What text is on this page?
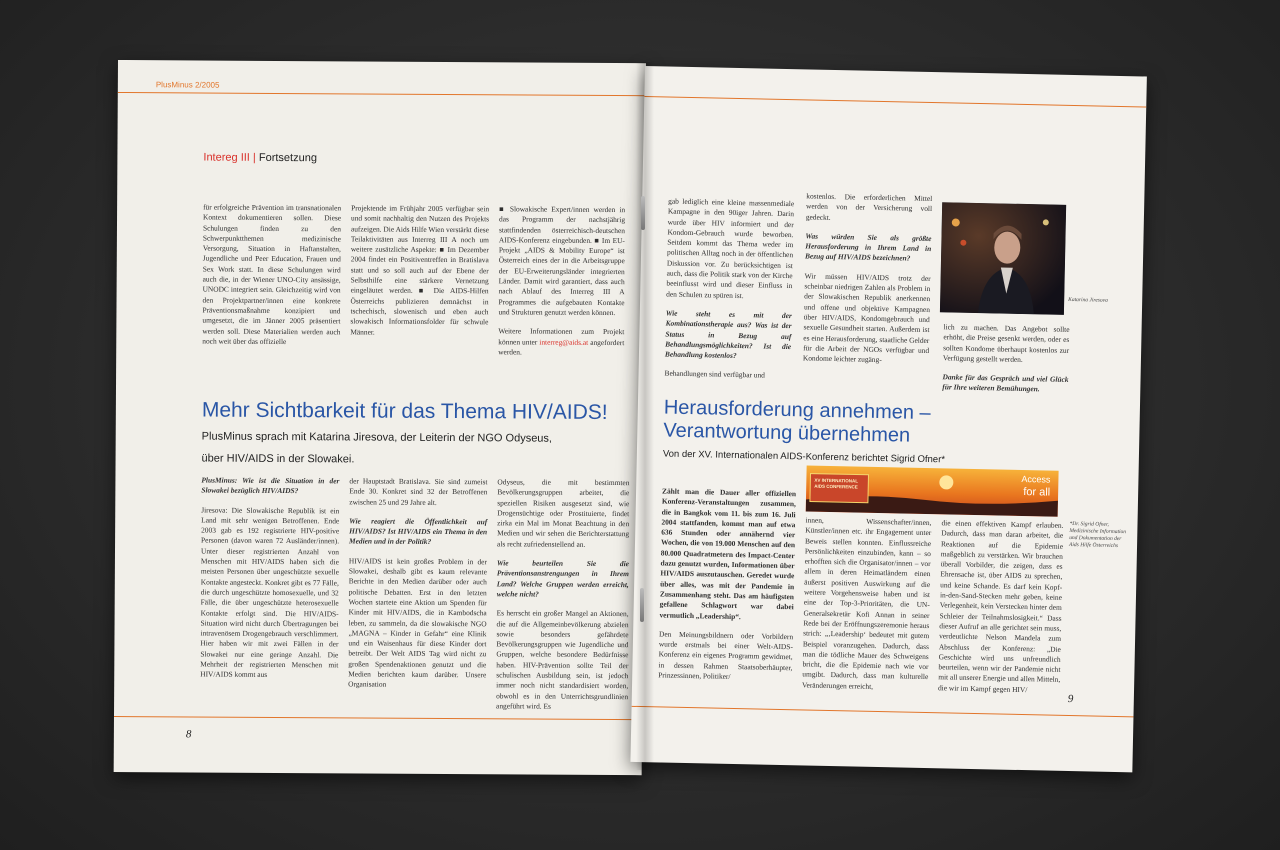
PlusMinus 2/2005
Intereg III | Fortsetzung

für erfolgreiche Prävention im transnationalen Kontext dokumentieren sollen. Diese Schulungen finden zu den Schwerpunktthemen medizinische Versorgung, Situation in Haftanstalten, Jugendliche und Peer Education, Frauen und Sex Work statt. In diese Schulungen wird auch die, in der Wiener UNO-City ansässige, UNODC integriert sein. Gleichzeitig wird von den Projektpartner/innen eine konkrete Präventionsmaßnahme konzipiert und umgesetzt, die im Jänner 2005 präsentiert werden soll. Diese Materialien werden auch noch weit über das offizielle

Projektende im Frühjahr 2005 verfügbar sein und somit nachhaltig den Nutzen des Projekts aufzeigen. Die Aids Hilfe Wien verstärkt diese Teilaktivitäten aus Interreg III A noch um weitere zusätzliche Aspekte: ■ Im Dezember 2004 findet ein Positiventreffen in Bratislava statt und so soll auch auf der Ebene der Selbsthilfe eine stärkere Vernetzung eingeläutet werden. ■ Die AIDS-Hilfen Österreichs publizieren demnächst in tschechisch, slowenisch und eben auch slowakisch Informationsfolder für schwule Männer.

■ Slowakische Expert/innen werden in das Programm der nachstjährig stattfindenden österreichisch-deutschen AIDS-Konferenz eingebunden. ■ Im EU-Projekt „AIDS & Mobility Europe“ ist Österreich eines der in die Arbeitsgruppe der EU-Erweiterungsländer integrierten Länder. Damit wird garantiert, dass auch nach Ablauf des Interreg III A Programmes die aufgebauten Kontakte und Strukturen genutzt werden können.

Weitere Informationen zum Projekt können unter interreg@aids.at angefordert werden.

Mehr Sichtbarkeit für das Thema HIV/AIDS!
PlusMinus sprach mit Katarina Jiresova, der Leiterin der NGO Odyseus,
über HIV/AIDS in der Slowakei.

PlusMinus: Wie ist die Situation in der Slowakei bezüglich HIV/AIDS?

Jiresova: Die Slowakische Republik ist ein Land mit sehr wenigen Betroffenen. Ende 2003 gab es 192 registrierte HIV-positive Personen (davon waren 72 Ausländer/innen). Unter dieser registrierten Anzahl von Menschen mit HIV/AIDS haben sich die meisten Personen über ungeschützte sexuelle Kontakte angesteckt. Konkret gibt es 77 Fälle, die durch ungeschützte homosexuelle, und 32 Fälle, die über ungeschützte heterosexuelle Kontakte erfolgt sind. Die HIV/AIDS-Situation wird nicht durch Übertragungen bei intravenösem Drogengebrauch verschlimmert. Hier haben wir mit zwei Fällen in der Slowakei nur eine geringe Anzahl. Die Mehrheit der registrierten Menschen mit HIV/AIDS kommt aus

der Hauptstadt Bratislava. Sie sind zumeist Ende 30. Konkret sind 32 der Betroffenen zwischen 25 und 29 Jahre alt.

Wie reagiert die Öffentlichkeit auf HIV/AIDS? Ist HIV/AIDS ein Thema in den Medien und in der Politik?

HIV/AIDS ist kein großes Problem in der Slowakei, deshalb gibt es kaum relevante Berichte in den Medien darüber oder auch politische Debatten. Erst in den letzten Wochen startete eine Aktion um Spenden für Kinder mit HIV/AIDS, die in Kambodscha leben, zu sammeln, da die slowakische NGO „MAGNA – Kinder in Gefahr“ eine Klinik und ein Waisenhaus für diese Kinder dort betreibt. Der Welt AIDS Tag wird nicht zu großen Spendenaktionen genutzt und die Medien berichten kaum darüber. Unsere Organisation

Odyseus, die mit bestimmten Bevölkerungsgruppen arbeitet, die speziellen Risiken ausgesetzt sind, wie Drogensüchtige oder Prostituierte, findet zirka ein Mal im Monat Beachtung in den Medien und wir sehen die Berichterstattung als recht zufriedenstellend an.

Wie beurteilen Sie die Präventionsanstrengungen in Ihrem Land? Welche Gruppen werden erreicht, welche nicht?

Es herrscht ein großer Mangel an Aktionen, die auf die Allgemeinbevölkerung abzielen sowie besonders gefährdete Bevölkerungsgruppen wie Jugendliche und Gruppen, welche besondere Bedürfnisse haben. HIV-Prävention sollte Teil der schulischen Ausbildung sein, ist jedoch immer noch nicht standardisiert worden, obwohl es in den Unterrichtsgrundlinien angeführt wird. Es

8

gab lediglich eine kleine massenmediale Kampagne in den 90iger Jahren. Darin wurde über HIV informiert und der Kondom-Gebrauch wurde beworben. Seitdem kommt das Thema weder im politischen Alltag noch in der öffentlichen Diskussion vor. Zu berücksichtigen ist auch, dass die Politik stark von der Kirche beeinflusst wird und dieser Einfluss in den Schulen zu spüren ist.

Wie steht es mit der Kombinationstherapie aus? Was ist der Status in Bezug auf Behandlungsmöglichkeiten? Ist die Behandlung kostenlos?

Behandlungen sind verfügbar und

kostenlos. Die erforderlichen Mittel werden von der Versicherung voll gedeckt.

Was würden Sie als größte Herausforderung in Ihrem Land in Bezug auf HIV/AIDS bezeichnen?

Wir müssen HIV/AIDS trotz der scheinbar niedrigen Zahlen als Problem in der Slowakischen Republik anerkennen und offene und objektive Kampagnen über HIV/AIDS, Kondomgebrauch und sexuelle Gesundheit starten. Außerdem ist es eine Herausforderung, staatliche Gelder für die Arbeit der NGOs verfügbar und Kondome leichter zugäng-

Katarina Jiresova

lich zu machen. Das Angebot sollte erhöht, die Preise gesenkt werden, oder es sollten Kondome überhaupt kostenlos zur Verfügung gestellt werden.

Danke für das Gespräch und viel Glück für Ihre weiteren Bemühungen.

Herausforderung annehmen –
Verantwortung übernehmen
Von der XV. Internationalen AIDS-Konferenz berichtet Sigrid Ofner*
XV INTERNATIONAL AIDS CONFERENCE
Access
for all

Zählt man die Dauer aller offiziellen Konferenz-Veranstaltungen zusammen, die in Bangkok vom 11. bis zum 16. Juli 2004 stattfanden, kommt man auf etwa 636 Stunden oder annähernd vier Wochen, die von 19.000 Menschen auf den 80.000 Quadratmetern des Impact-Center dazu genutzt wurden, Informationen über HIV/AIDS auszutauschen. Geredet wurde über alles, was mit der Pandemie in Zusammenhang steht. Das am häufigsten gefallene Schlagwort war dabei vermutlich „Leadership“.

Den Meinungsbildnern oder Vorbildern wurde erstmals bei einer Welt-AIDS-Konferenz ein eigenes Programm gewidmet, in dessen Rahmen Staatsoberhäupter, Prinzessinnen, Politiker/

innen, Wissenschafter/innen, Künstler/innen etc. ihr Engagement unter Beweis stellen konnten. Einflussreiche Persönlichkeiten einzubinden, kann – so erhofften sich die Organisator/innen – vor allem in deren Heimatländern einen äußerst positiven Auswirkung auf die weitere Vorgehensweise haben und ist eine der Top-3-Prioritäten, die UN-Generalsekretär Kofi Annan in seiner Rede bei der Eröffnungszeremonie heraus strich: „‚Leadership‘ bedeutet mit gutem Beispiel voranzugehen. Dadurch, dass man die tödliche Mauer des Schweigens bricht, die die Epidemie nach wie vor umgibt. Dadurch, dass man kulturelle Veränderungen erreicht,

die einen effektiven Kampf erlauben. Dadurch, dass man daran arbeitet, die Reaktionen auf die Epidemie maßgeblich zu verstärken. Wir brauchen überall Vorbilder, die zeigen, dass es Ehrensache ist, über AIDS zu sprechen, und keine Schande. Es darf kein Kopf-in-den-Sand-Stecken mehr geben, keine Verlegenheit, kein Verstecken hinter dem Schleier der Teilnahmslosigkeit.“ Dass dieser Aufruf an alle gerichtet sein muss, verdeutlichte Nelson Mandela zum Abschluss der Konferenz: „Die Geschichte wird uns unfreundlich beurteilen, wenn wir der Pandemie nicht mit all unserer Energie und allen Mitteln, die wir im Kampf gegen HIV/

*Dr. Sigrid Ofner, Medizinische Information und Dokumentation der Aids Hilfe Österreichs
9
